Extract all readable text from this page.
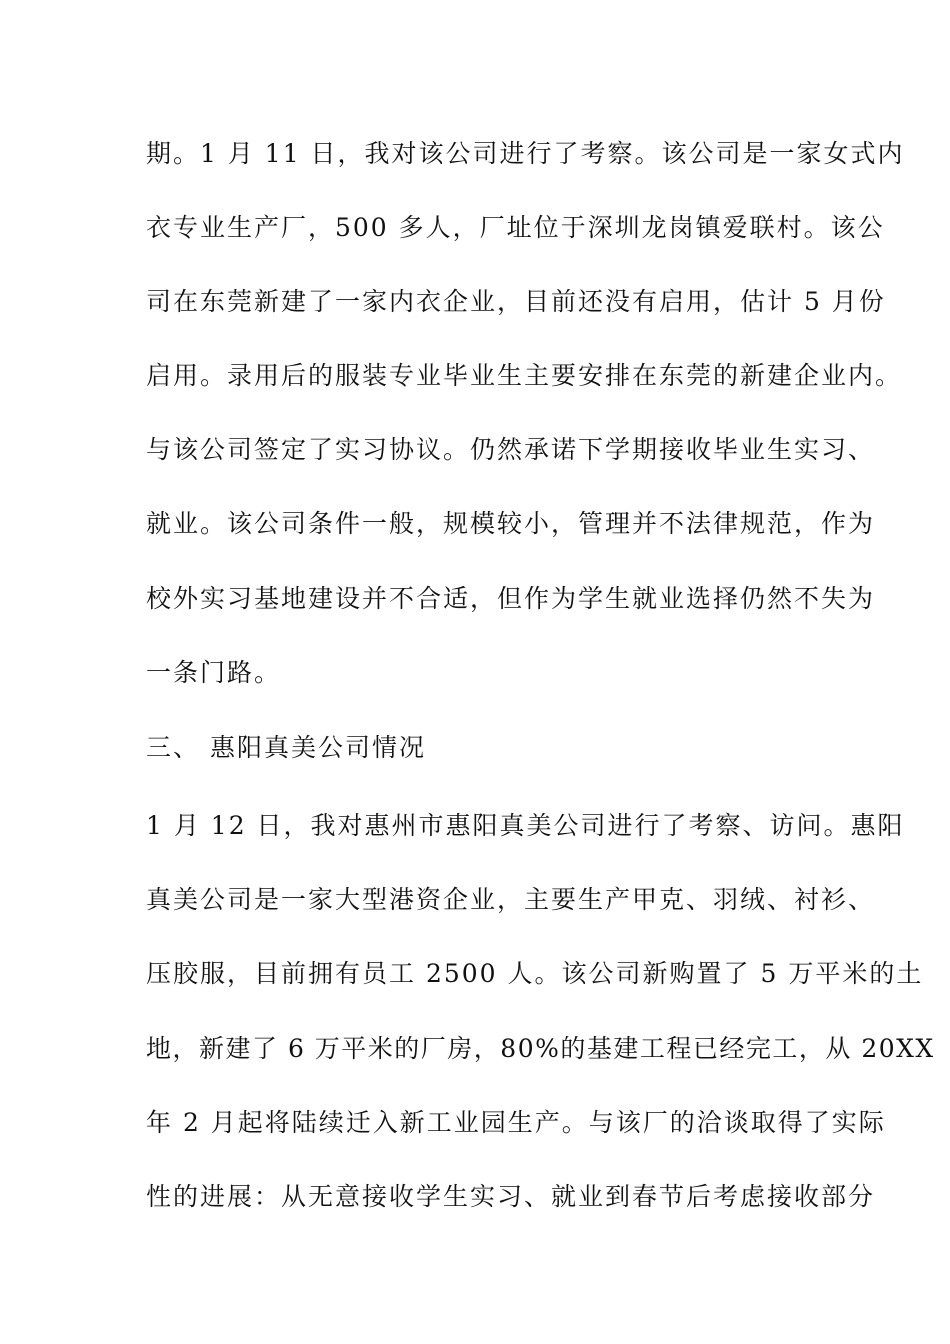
期。1 月 11 日，我对该公司进行了考察。该公司是一家女式内
衣专业生产厂，500 多人，厂址位于深圳龙岗镇爱联村。该公
司在东莞新建了一家内衣企业，目前还没有启用，估计 5 月份
启用。录用后的服装专业毕业生主要安排在东莞的新建企业内。
与该公司签定了实习协议。仍然承诺下学期接收毕业生实习、
就业。该公司条件一般，规模较小，管理并不法律规范，作为
校外实习基地建设并不合适，但作为学生就业选择仍然不失为
一条门路。
三、 惠阳真美公司情况
1 月 12 日，我对惠州市惠阳真美公司进行了考察、访问。惠阳
真美公司是一家大型港资企业，主要生产甲克、羽绒、衬衫、
压胶服，目前拥有员工 2500 人。该公司新购置了 5 万平米的土
地，新建了 6 万平米的厂房，80%的基建工程已经完工，从 20XX
年 2 月起将陆续迁入新工业园生产。与该厂的洽谈取得了实际
性的进展：从无意接收学生实习、就业到春节后考虑接收部分
